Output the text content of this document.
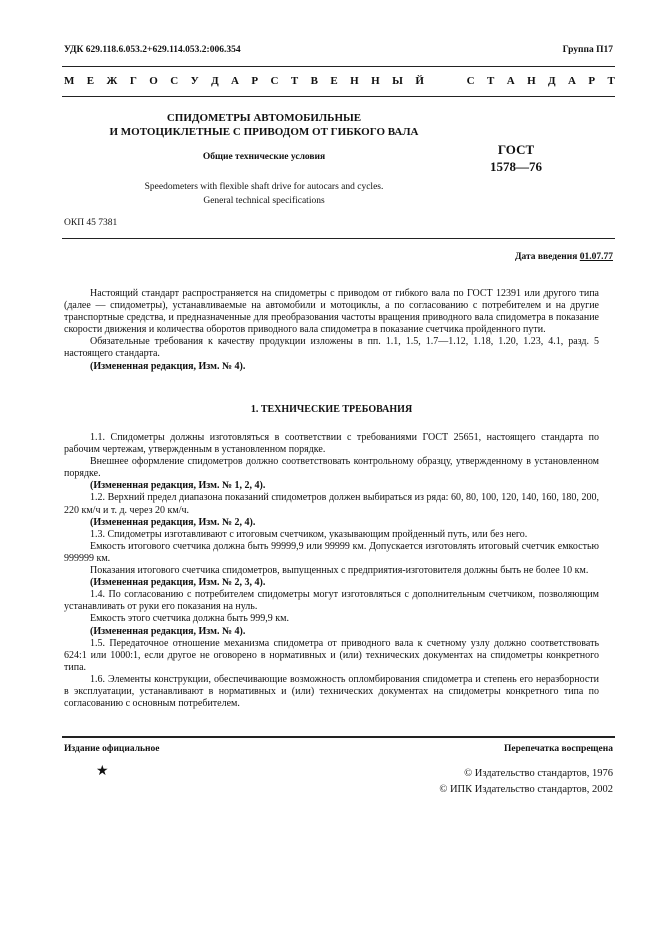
УДК 629.118.6.053.2+629.114.053.2:006.354	Группа П17
М Е Ж Г О С У Д А Р С Т В Е Н Н Ы Й

	С Т А Н Д А Р Т
СПИДОМЕТРЫ АВТОМОБИЛЬНЫЕ
И МОТОЦИКЛЕТНЫЕ С ПРИВОДОМ ОТ ГИБКОГО ВАЛА
Общие технические условия	ГОСТ
1578—76
Speedometers with flexible shaft drive for autocars and cycles.
General technical specifications
ОКП 45 7381
Дата введения 01.07.77

Настоящий стандарт распространяется на спидометры с приводом от гибкого вала по ГОСТ 12391 или другого типа (далее — спидометры), устанавливаемые на автомобили и мотоциклы, а по согласованию с потребителем и на другие транспортные средства, и предназначенные для преобразования частоты вращения приводного вала спидометра в показание скорости движения и количества оборотов приводного вала спидометра в показание счетчика пройденного пути.

Обязательные требования к качеству продукции изложены в пп. 1.1, 1.5, 1.7—1.12, 1.18, 1.20, 1.23, 4.1, разд. 5 настоящего стандарта.

(Измененная редакция, Изм. № 4).

1. ТЕХНИЧЕСКИЕ ТРЕБОВАНИЯ

1.1. Спидометры должны изготовляться в соответствии с требованиями ГОСТ 25651, настоящего стандарта по рабочим чертежам, утвержденным в установленном порядке.

Внешнее оформление спидометров должно соответствовать контрольному образцу, утвержденному в установленном порядке.

(Измененная редакция, Изм. № 1, 2, 4).

1.2. Верхний предел диапазона показаний спидометров должен выбираться из ряда: 60, 80, 100, 120, 140, 160, 180, 200, 220 км/ч и т. д. через 20 км/ч.

(Измененная редакция, Изм. № 2, 4).

1.3. Спидометры изготавливают с итоговым счетчиком, указывающим пройденный путь, или без него.

Емкость итогового счетчика должна быть 99999,9 или 99999 км. Допускается изготовлять итоговый счетчик емкостью 999999 км.

Показания итогового счетчика спидометров, выпущенных с предприятия-изготовителя должны быть не более 10 км.

(Измененная редакция, Изм. № 2, 3, 4).

1.4. По согласованию с потребителем спидометры могут изготовляться с дополнительным счетчиком, позволяющим устанавливать от руки его показания на нуль.

Емкость этого счетчика должна быть 999,9 км.

(Измененная редакция, Изм. № 4).

1.5. Передаточное отношение механизма спидометра от приводного вала к счетному узлу должно соответствовать 624:1 или 1000:1, если другое не оговорено в нормативных и (или) технических документах на спидометры конкретного типа.

1.6. Элементы конструкции, обеспечивающие возможность опломбирования спидометра и степень его неразборности в эксплуатации, устанавливают в нормативных и (или) технических документах на спидометры конкретного типа по согласованию с основным потребителем.

Издание официальное	Перепечатка воспрещена
★	© Издательство стандартов, 1976
© ИПК Издательство стандартов, 2002
